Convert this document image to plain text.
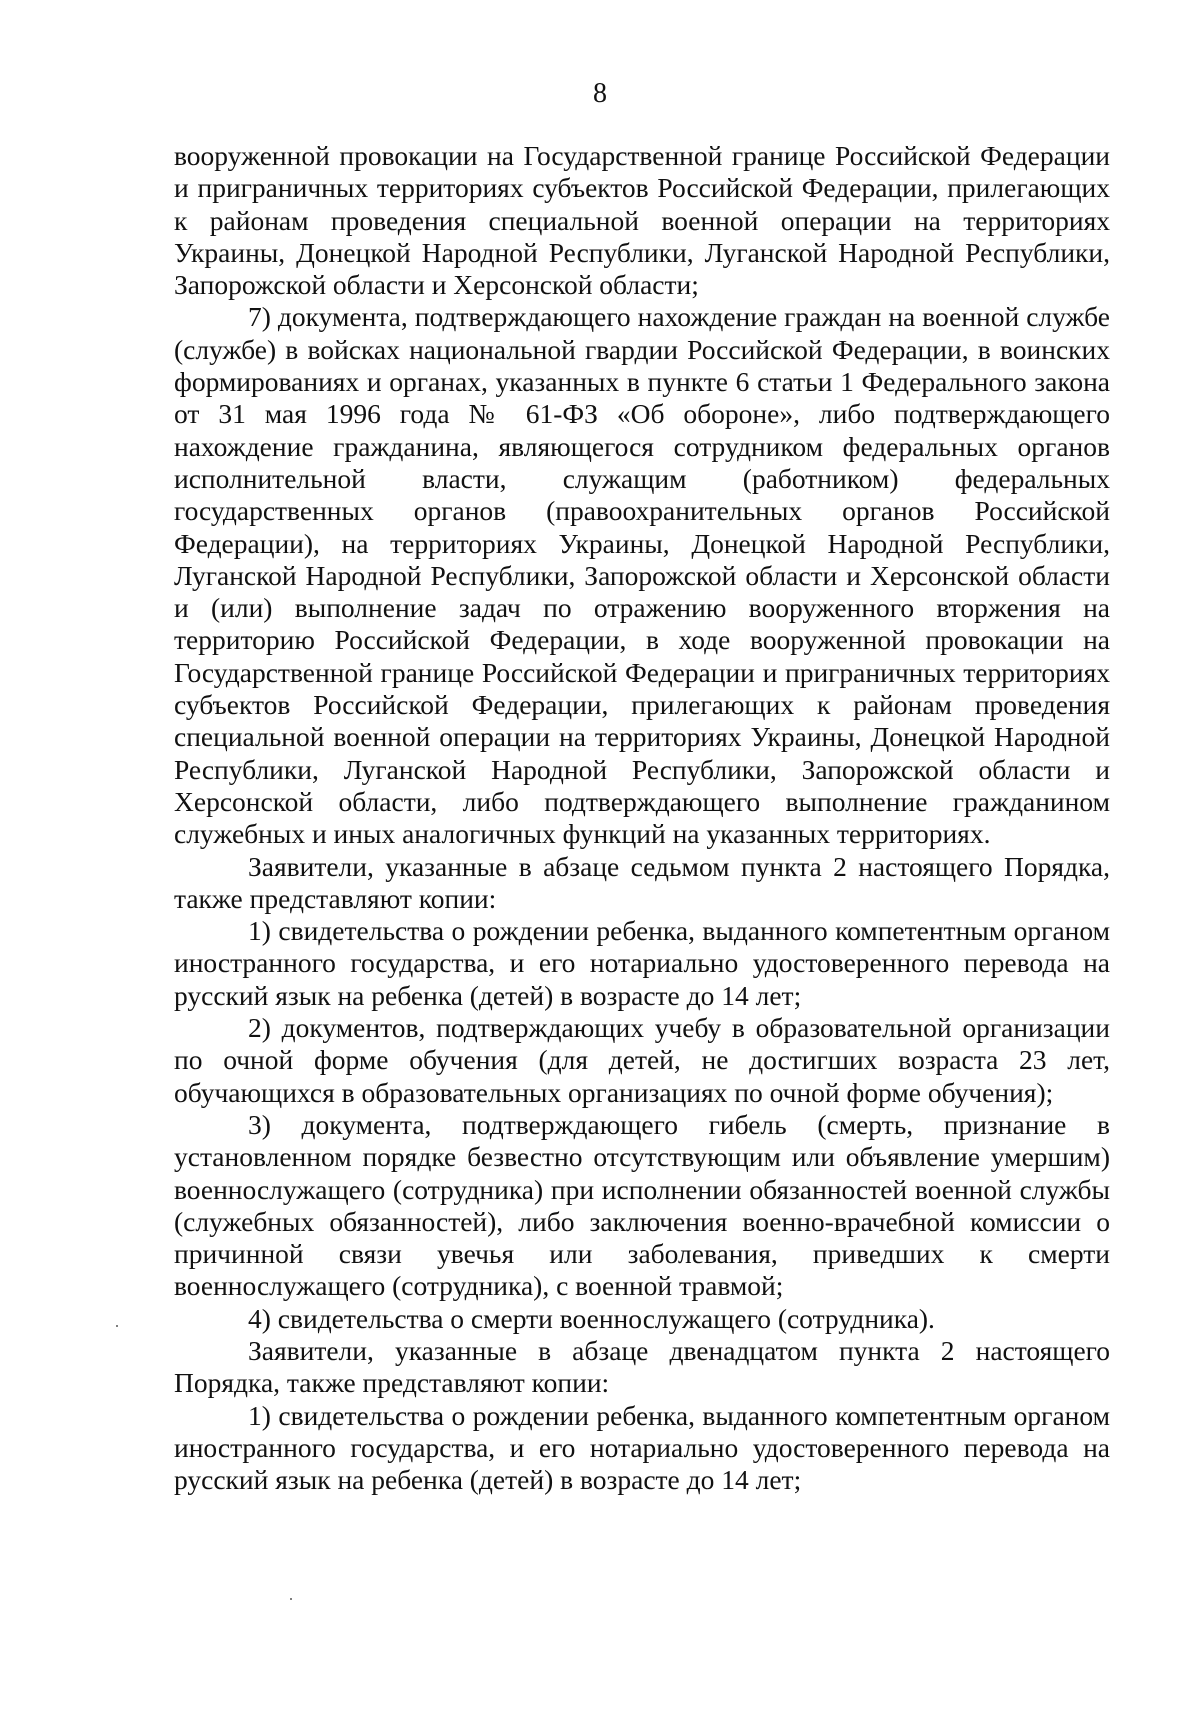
8

вооруженной провокации на Государственной границе Российской Федерации и приграничных территориях субъектов Российской Федерации, прилегающих к районам проведения специальной военной операции на территориях Украины, Донецкой Народной Республики, Луганской Народной Республики, Запорожской области и Херсонской области;

7) документа, подтверждающего нахождение граждан на военной службе (службе) в войсках национальной гвардии Российской Федерации, в воинских формированиях и органах, указанных в пункте 6 статьи 1 Федерального закона от 31 мая 1996 года № 61-ФЗ «Об обороне», либо подтверждающего нахождение гражданина, являющегося сотрудником федеральных органов исполнительной власти, служащим (работником) федеральных государственных органов (правоохранительных органов Российской Федерации), на территориях Украины, Донецкой Народной Республики, Луганской Народной Республики, Запорожской области и Херсонской области и (или) выполнение задач по отражению вооруженного вторжения на территорию Российской Федерации, в ходе вооруженной провокации на Государственной границе Российской Федерации и приграничных территориях субъектов Российской Федерации, прилегающих к районам проведения специальной военной операции на территориях Украины, Донецкой Народной Республики, Луганской Народной Республики, Запорожской области и Херсонской области, либо подтверждающего выполнение гражданином служебных и иных аналогичных функций на указанных территориях.

Заявители, указанные в абзаце седьмом пункта 2 настоящего Порядка, также представляют копии:

1) свидетельства о рождении ребенка, выданного компетентным органом иностранного государства, и его нотариально удостоверенного перевода на русский язык на ребенка (детей) в возрасте до 14 лет;

2) документов, подтверждающих учебу в образовательной организации по очной форме обучения (для детей, не достигших возраста 23 лет, обучающихся в образовательных организациях по очной форме обучения);

3) документа, подтверждающего гибель (смерть, признание в установленном порядке безвестно отсутствующим или объявление умершим) военнослужащего (сотрудника) при исполнении обязанностей военной службы (служебных обязанностей), либо заключения военно-врачебной комиссии о причинной связи увечья или заболевания, приведших к смерти военнослужащего (сотрудника), с военной травмой;

4) свидетельства о смерти военнослужащего (сотрудника).

Заявители, указанные в абзаце двенадцатом пункта 2 настоящего Порядка, также представляют копии:

1) свидетельства о рождении ребенка, выданного компетентным органом иностранного государства, и его нотариально удостоверенного перевода на русский язык на ребенка (детей) в возрасте до 14 лет;
